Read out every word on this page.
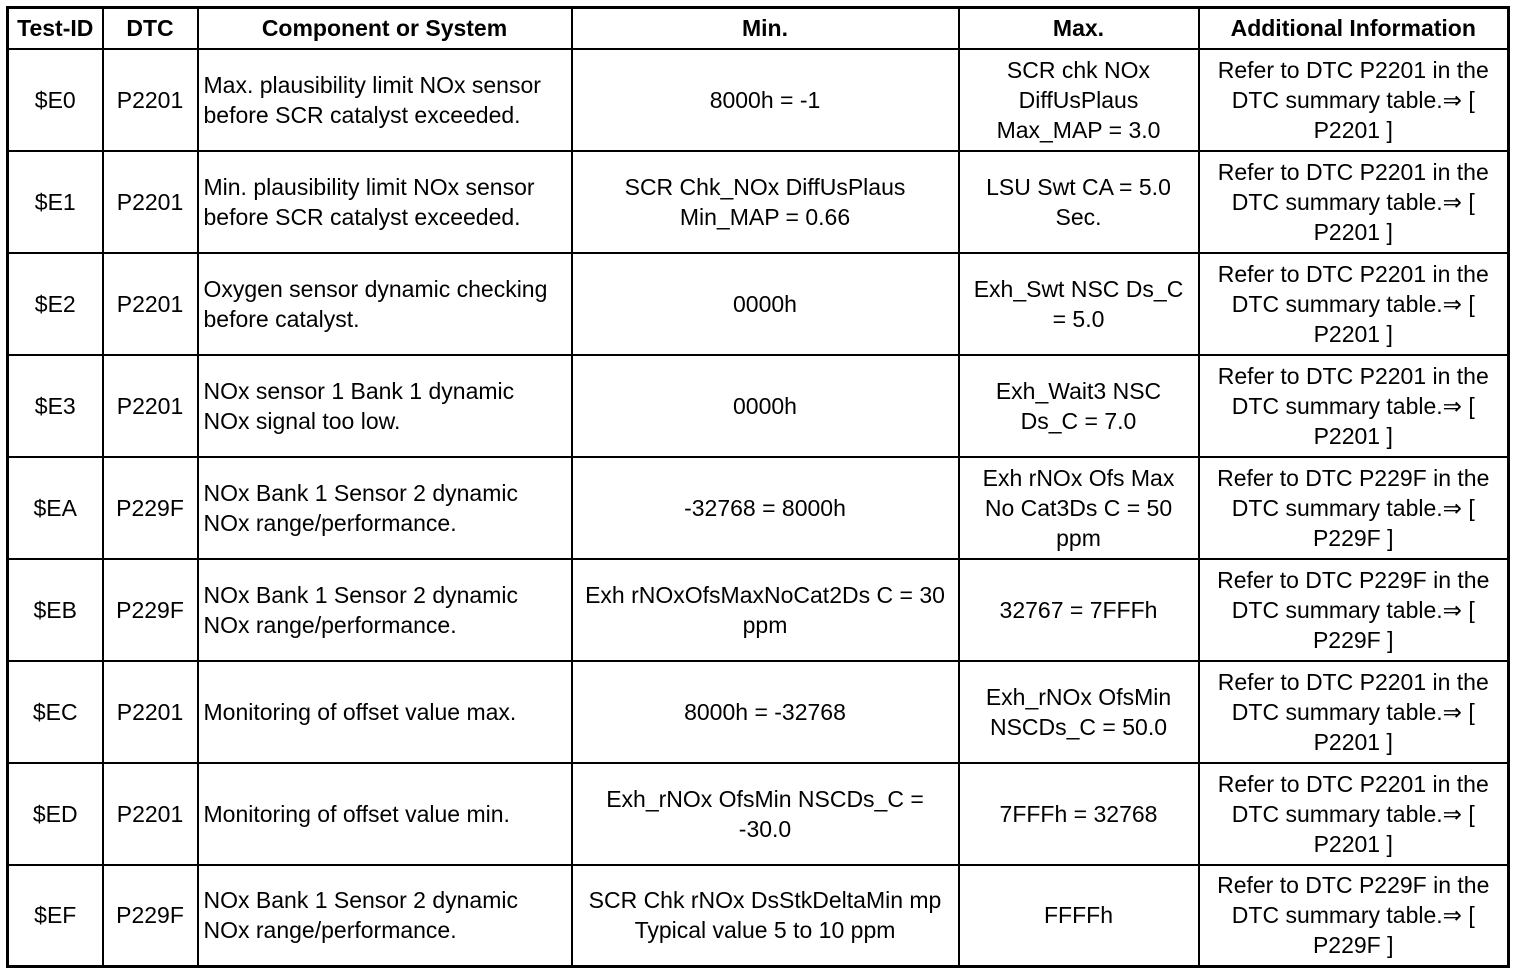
Test-ID	DTC	Component or System	Min.	Max.	Additional Information
$E0	P2201	Max. plausibility limit NOx sensor before SCR catalyst exceeded.	8000h = -1	SCR chk NOx DiffUsPlaus Max_MAP = 3.0	Refer to DTC P2201 in the DTC summary table.⇒ [ P2201 ]
$E1	P2201	Min. plausibility limit NOx sensor before SCR catalyst exceeded.	SCR Chk_NOx DiffUsPlaus Min_MAP = 0.66	LSU Swt CA = 5.0 Sec.	Refer to DTC P2201 in the DTC summary table.⇒ [ P2201 ]
$E2	P2201	Oxygen sensor dynamic checking before catalyst.	0000h	Exh_Swt NSC Ds_C = 5.0	Refer to DTC P2201 in the DTC summary table.⇒ [ P2201 ]
$E3	P2201	NOx sensor 1 Bank 1 dynamic NOx signal too low.	0000h	Exh_Wait3 NSC Ds_C = 7.0	Refer to DTC P2201 in the DTC summary table.⇒ [ P2201 ]
$EA	P229F	NOx Bank 1 Sensor 2 dynamic NOx range/performance.	-32768 = 8000h	Exh rNOx Ofs Max No Cat3Ds C = 50 ppm	Refer to DTC P229F in the DTC summary table.⇒ [ P229F ]
$EB	P229F	NOx Bank 1 Sensor 2 dynamic NOx range/performance.	Exh rNOxOfsMaxNoCat2Ds C = 30 ppm	32767 = 7FFFh	Refer to DTC P229F in the DTC summary table.⇒ [ P229F ]
$EC	P2201	Monitoring of offset value max.	8000h = -32768	Exh_rNOx OfsMin NSCDs_C = 50.0	Refer to DTC P2201 in the DTC summary table.⇒ [ P2201 ]
$ED	P2201	Monitoring of offset value min.	Exh_rNOx OfsMin NSCDs_C = -30.0	7FFFh = 32768	Refer to DTC P2201 in the DTC summary table.⇒ [ P2201 ]
$EF	P229F	NOx Bank 1 Sensor 2 dynamic NOx range/performance.	SCR Chk rNOx DsStkDeltaMin mp Typical value 5 to 10 ppm	FFFFh	Refer to DTC P229F in the DTC summary table.⇒ [ P229F ]
